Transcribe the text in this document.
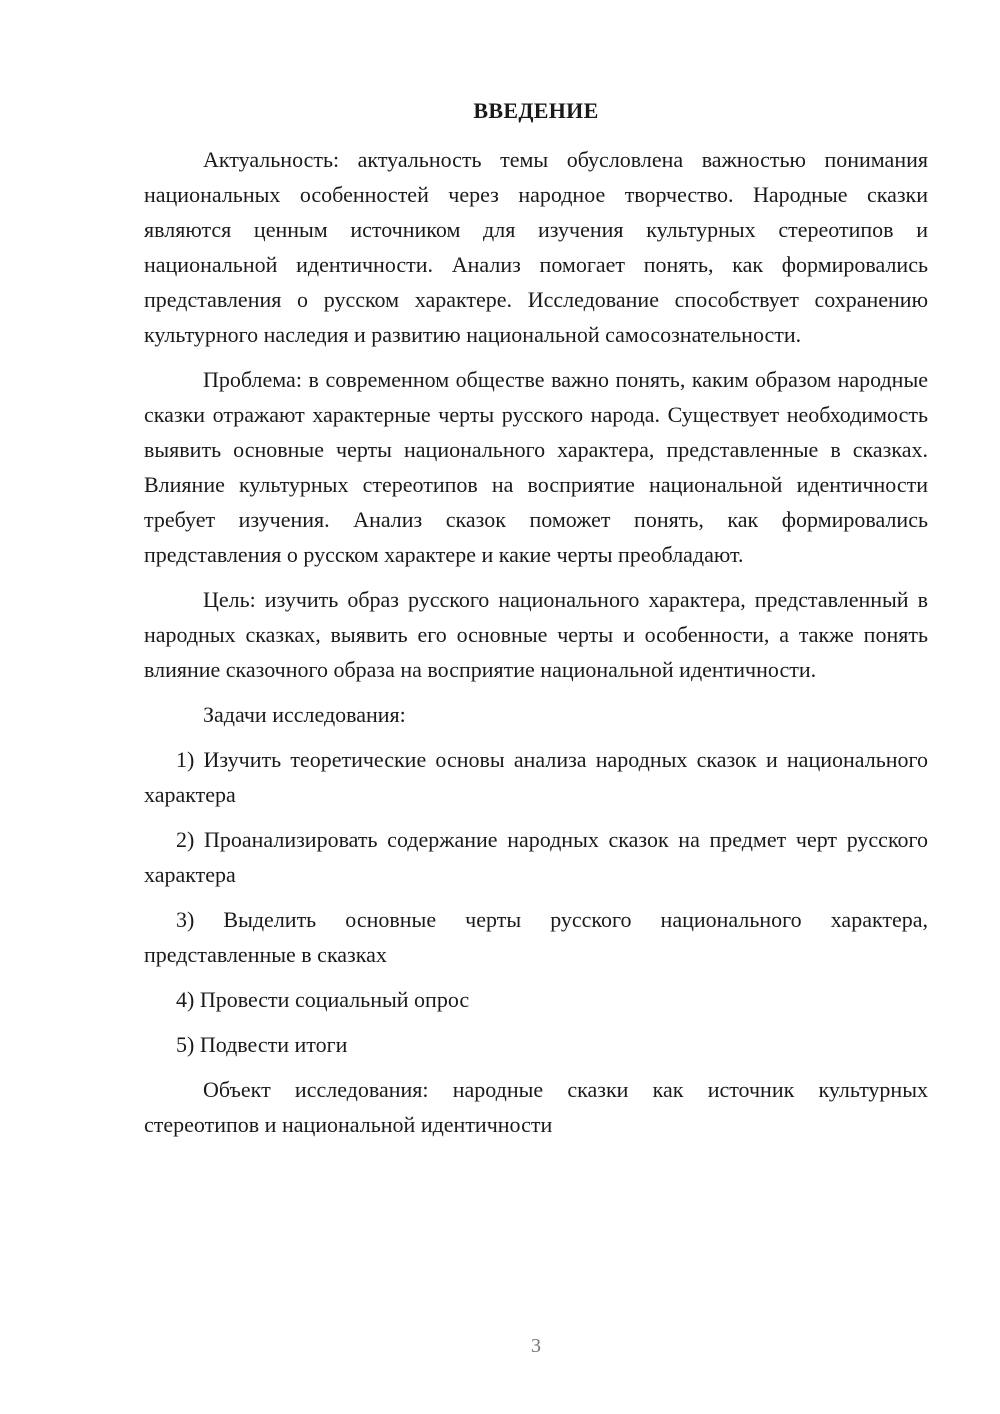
ВВЕДЕНИЕ

Актуальность: актуальность темы обусловлена важностью понимания национальных особенностей через народное творчество. Народные сказки являются ценным источником для изучения культурных стереотипов и национальной идентичности. Анализ помогает понять, как формировались представления о русском характере. Исследование способствует сохранению культурного наследия и развитию национальной самосознательности.

Проблема: в современном обществе важно понять, каким образом народные сказки отражают характерные черты русского народа. Существует необходимость выявить основные черты национального характера, представленные в сказках. Влияние культурных стереотипов на восприятие национальной идентичности требует изучения. Анализ сказок поможет понять, как формировались представления о русском характере и какие черты преобладают.

Цель: изучить образ русского национального характера, представленный в народных сказках, выявить его основные черты и особенности, а также понять влияние сказочного образа на восприятие национальной идентичности.

Задачи исследования:

1) Изучить теоретические основы анализа народных сказок и национального характера

2) Проанализировать содержание народных сказок на предмет черт русского характера

3) Выделить основные черты русского национального характера, представленные в сказках

4) Провести социальный опрос

5) Подвести итоги

Объект исследования: народные сказки как источник культурных стереотипов и национальной идентичности

3
